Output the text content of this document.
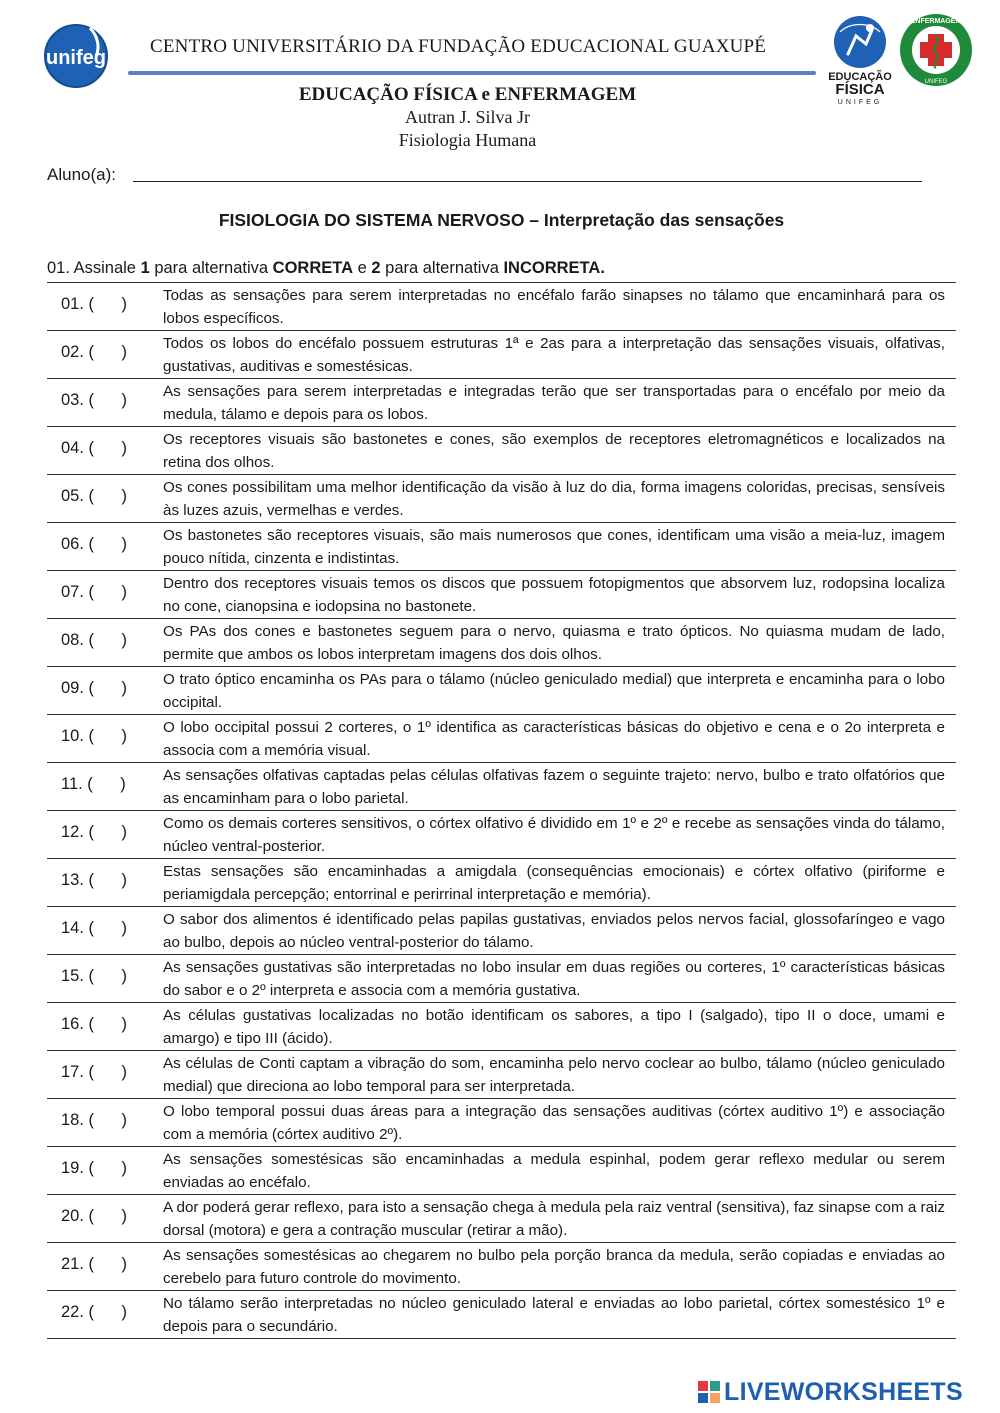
unifeg
CENTRO UNIVERSITÁRIO DA FUNDAÇÃO EDUCACIONAL GUAXUPÉ
EDUCAÇÃO
FÍSICA
UNIFEG
ENFERMAGEM
UNIFEG
EDUCAÇÃO FÍSICA e ENFERMAGEM
Autran J. Silva Jr
Fisiologia Humana
Aluno(a):
FISIOLOGIA DO SISTEMA NERVOSO – Interpretação das sensações
01. Assinale 1 para alternativa CORRETA e 2 para alternativa INCORRETA.
01. (      )	Todas as sensações para serem interpretadas no encéfalo farão sinapses no tálamo que encaminhará para os lobos específicos.
02. (      )	Todos os lobos do encéfalo possuem estruturas 1ª e 2as para a interpretação das sensações visuais, olfativas, gustativas, auditivas e somestésicas.
03. (      )	As sensações para serem interpretadas e integradas terão que ser transportadas para o encéfalo por meio da medula, tálamo e depois para os lobos.
04. (      )	Os receptores visuais são bastonetes e cones, são exemplos de receptores eletromagnéticos e localizados na retina dos olhos.
05. (      )	Os cones possibilitam uma melhor identificação da visão à luz do dia, forma imagens coloridas, precisas, sensíveis às luzes azuis, vermelhas e verdes.
06. (      )	Os bastonetes são receptores visuais, são mais numerosos que cones, identificam uma visão a meia-luz, imagem pouco nítida, cinzenta e indistintas.
07. (      )	Dentro dos receptores visuais temos os discos que possuem fotopigmentos que absorvem luz, rodopsina localiza no cone, cianopsina e iodopsina no bastonete.
08. (      )	Os PAs dos cones e bastonetes seguem para o nervo, quiasma e trato ópticos. No quiasma mudam de lado, permite que ambos os lobos interpretam imagens dos dois olhos.
09. (      )	O trato óptico encaminha os PAs para o tálamo (núcleo geniculado medial) que interpreta e encaminha para o lobo occipital.
10. (      )	O lobo occipital possui 2 corteres, o 1º identifica as características básicas do objetivo e cena e o 2o interpreta e associa com a memória visual.
11. (      )	As sensações olfativas captadas pelas células olfativas fazem o seguinte trajeto: nervo, bulbo e trato olfatórios que as encaminham para o lobo parietal.
12. (      )	Como os demais corteres sensitivos, o córtex olfativo é dividido em 1º e 2º e recebe as sensações vinda do tálamo, núcleo ventral-posterior.
13. (      )	Estas sensações são encaminhadas a amigdala (consequências emocionais) e córtex olfativo (piriforme e periamigdala percepção; entorrinal e perirrinal interpretação e memória).
14. (      )	O sabor dos alimentos é identificado pelas papilas gustativas, enviados pelos nervos facial, glossofaríngeo e vago ao bulbo, depois ao núcleo ventral-posterior do tálamo.
15. (      )	As sensações gustativas são interpretadas no lobo insular em duas regiões ou corteres, 1º características básicas do sabor e o 2º interpreta e associa com a memória gustativa.
16. (      )	As células gustativas localizadas no botão identificam os sabores, a tipo I (salgado), tipo II o doce, umami e amargo) e tipo III (ácido).
17. (      )	As células de Conti captam a vibração do som, encaminha pelo nervo coclear ao bulbo, tálamo (núcleo geniculado medial) que direciona ao lobo temporal para ser interpretada.
18. (      )	O lobo temporal possui duas áreas para a integração das sensações auditivas (córtex auditivo 1º) e associação com a memória (córtex auditivo 2º).
19. (      )	As sensações somestésicas são encaminhadas a medula espinhal, podem gerar reflexo medular ou serem enviadas ao encéfalo.
20. (      )	A dor poderá gerar reflexo, para isto a sensação chega à medula pela raiz ventral (sensitiva), faz sinapse com a raiz dorsal (motora) e gera a contração muscular (retirar a mão).
21. (      )	As sensações somestésicas ao chegarem no bulbo pela porção branca da medula, serão copiadas e enviadas ao cerebelo para futuro controle do movimento.
22. (      )	No tálamo serão interpretadas no núcleo geniculado lateral e enviadas ao lobo parietal, córtex somestésico 1º e depois para o secundário.
LIVEWORKSHEETS
